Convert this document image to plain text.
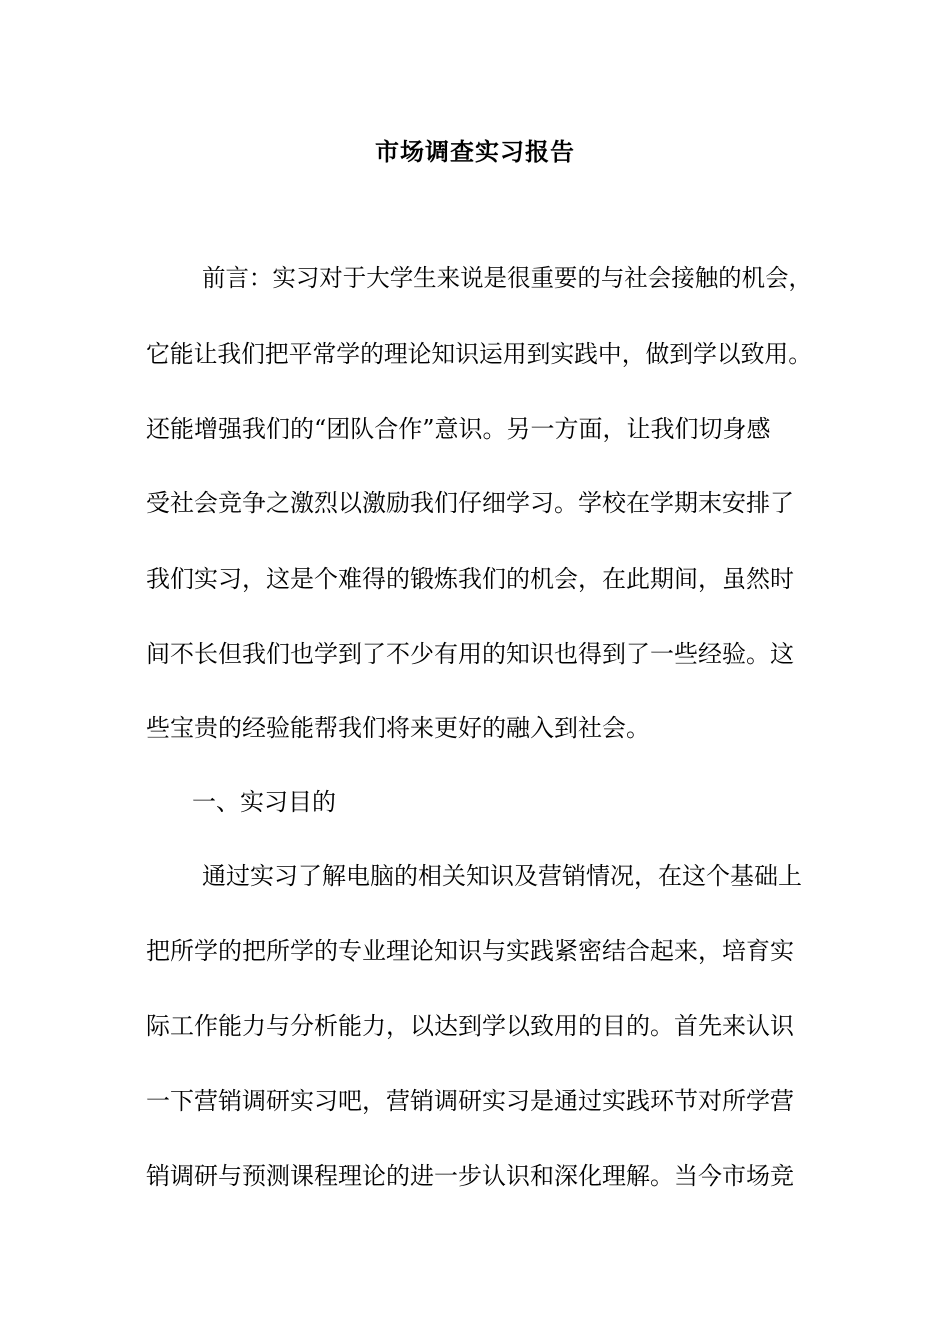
市场调查实习报告
前言：实习对于大学生来说是很重要的与社会接触的机会，
它能让我们把平常学的理论知识运用到实践中，做到学以致用。
还能增强我们的“团队合作”意识。另一方面，让我们切身感
受社会竞争之激烈以激励我们仔细学习。学校在学期末安排了
我们实习，这是个难得的锻炼我们的机会，在此期间，虽然时
间不长但我们也学到了不少有用的知识也得到了一些经验。这
些宝贵的经验能帮我们将来更好的融入到社会。
一、实习目的
通过实习了解电脑的相关知识及营销情况，在这个基础上
把所学的把所学的专业理论知识与实践紧密结合起来，培育实
际工作能力与分析能力，以达到学以致用的目的。首先来认识
一下营销调研实习吧，营销调研实习是通过实践环节对所学营
销调研与预测课程理论的进一步认识和深化理解。当今市场竞
